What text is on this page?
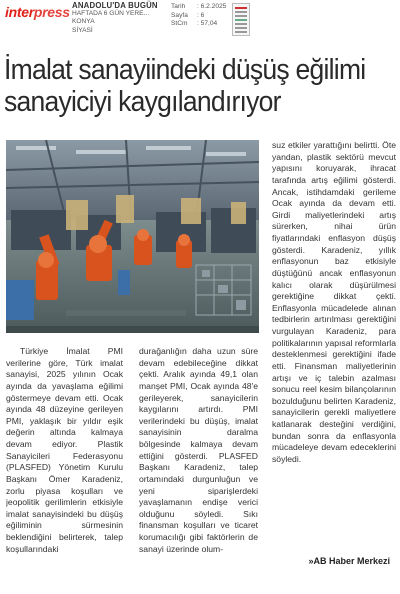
interpress ANADOLU'DA BUGÜN
HAFTADA 6 GÜN YERE...
KONYA
SİYASİ
Tarih	: 6.2.2025
Sayfa	: 6
StCm	: 57,04
İmalat sanayiindeki düşüş eğilimi sanayiciyi kaygılandırıyor

Türkiye İmalat PMI verilerine göre, Türk imalat sanayisi, 2025 yılının Ocak ayında da yavaşlama eğilimi göstermeye devam etti. Ocak ayında 48 düzeyine gerileyen PMI, yaklaşık bir yıldır eşik değerin altında kalmaya devam ediyor. Plastik Sanayicileri Federasyonu (PLASFED) Yönetim Kurulu Başkanı Ömer Karadeniz, zorlu piyasa koşulları ve jeopolitik gerilimlerin etkisiyle imalat sanayisindeki bu düşüş eğiliminin sürmesinin beklendiğini belirterek, talep koşullarındaki

durağanlığın daha uzun süre devam edebileceğine dikkat çekti. Aralık ayında 49,1 olan manşet PMI, Ocak ayında 48'e gerileyerek, sanayicilerin kaygılarını artırdı. PMI verilerindeki bu düşüş, imalat sanayisinin daralma bölgesinde kalmaya devam ettiğini gösterdi. PLASFED Başkanı Karadeniz, talep ortamındaki durgunluğun ve yeni siparişlerdeki yavaşlamanın endişe verici olduğunu söyledi. Sıkı finansman koşulları ve ticaret korumacılığı gibi faktörlerin de sanayi üzerinde olum-

suz etkiler yarattığını belirtti. Öte yandan, plastik sektörü mevcut yapısını koruyarak, ihracat tarafında artış eğilimi gösterdi. Ancak, istihdamdaki gerileme Ocak ayında da devam etti. Girdi maliyetlerindeki artış sürerken, nihai ürün fiyatlarındaki enflasyon düşüş gösterdi. Karadeniz, yıllık enflasyonun baz etkisiyle düştüğünü ancak enflasyonun kalıcı olarak düşürülmesi gerektiğine dikkat çekti. Enflasyonla mücadelede alınan tedbirlerin artırılması gerektiğini vurgulayan Karadeniz, para politikalarının yapısal reformlarla desteklenmesi gerektiğini ifade etti. Finansman maliyetlerinin artışı ve iç talebin azalması sonucu reel kesim bilançolarının bozulduğunu belirten Karadeniz, sanayicilerin gerekli maliyetlere katlanarak desteğini verdiğini, bundan sonra da enflasyonla mücadeleye devam edeceklerini söyledi.

»AB Haber Merkezi
